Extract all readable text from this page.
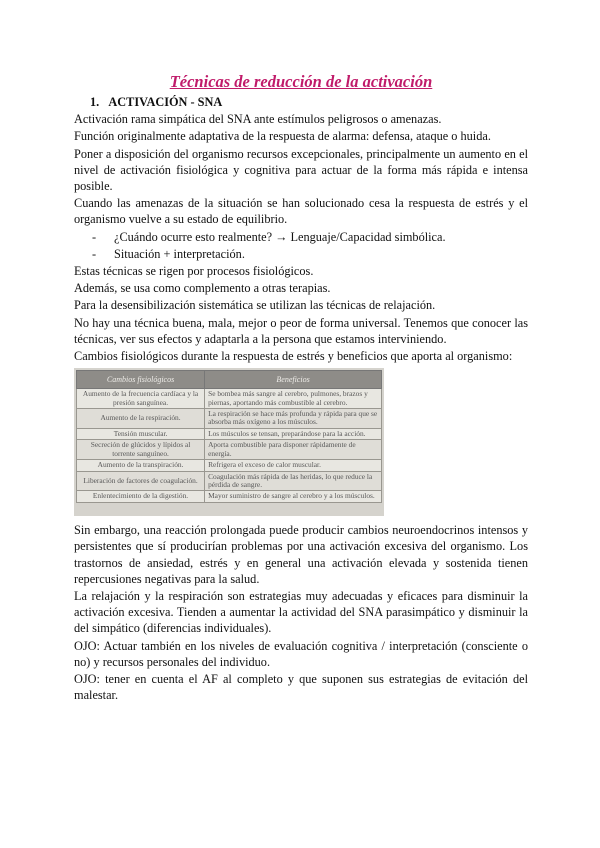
Técnicas de reducción de la activación
1. ACTIVACIÓN - SNA

Activación rama simpática del SNA ante estímulos peligrosos o amenazas.

Función originalmente adaptativa de la respuesta de alarma: defensa, ataque o huida.

Poner a disposición del organismo recursos excepcionales, principalmente un aumento en el nivel de activación fisiológica y cognitiva para actuar de la forma más rápida e intensa posible.

Cuando las amenazas de la situación se han solucionado cesa la respuesta de estrés y el organismo vuelve a su estado de equilibrio.

-	¿Cuándo ocurre esto realmente? → Lenguaje/Capacidad simbólica.
-	Situación + interpretación.

Estas técnicas se rigen por procesos fisiológicos.

Además, se usa como complemento a otras terapias.

Para la desensibilización sistemática se utilizan las técnicas de relajación.

No hay una técnica buena, mala, mejor o peor de forma universal. Tenemos que conocer las técnicas, ver sus efectos y adaptarla a la persona que estamos interviniendo.

Cambios fisiológicos durante la respuesta de estrés y beneficios que aporta al organismo:

Cambios fisiológicos	Beneficios
Aumento de la frecuencia cardíaca y la presión sanguínea.	Se bombea más sangre al cerebro, pulmones, brazos y piernas, aportando más combustible al cerebro.
Aumento de la respiración.	La respiración se hace más profunda y rápida para que se absorba más oxígeno a los músculos.
Tensión muscular.	Los músculos se tensan, preparándose para la acción.
Secreción de glúcidos y lípidos al torrente sanguíneo.	Aporta combustible para disponer rápidamente de energía.
Aumento de la transpiración.	Refrigera el exceso de calor muscular.
Liberación de factores de coagulación.	Coagulación más rápida de las heridas, lo que reduce la pérdida de sangre.
Enlentecimiento de la digestión.	Mayor suministro de sangre al cerebro y a los músculos.

Sin embargo, una reacción prolongada puede producir cambios neuroendocrinos intensos y persistentes que sí producirían problemas por una activación excesiva del organismo. Los trastornos de ansiedad, estrés y en general una activación elevada y sostenida tienen repercusiones negativas para la salud.

La relajación y la respiración son estrategias muy adecuadas y eficaces para disminuir la activación excesiva. Tienden a aumentar la actividad del SNA parasimpático y disminuir la del simpático (diferencias individuales).

OJO: Actuar también en los niveles de evaluación cognitiva / interpretación (consciente o no) y recursos personales del individuo.

OJO: tener en cuenta el AF al completo y que suponen sus estrategias de evitación del malestar.
